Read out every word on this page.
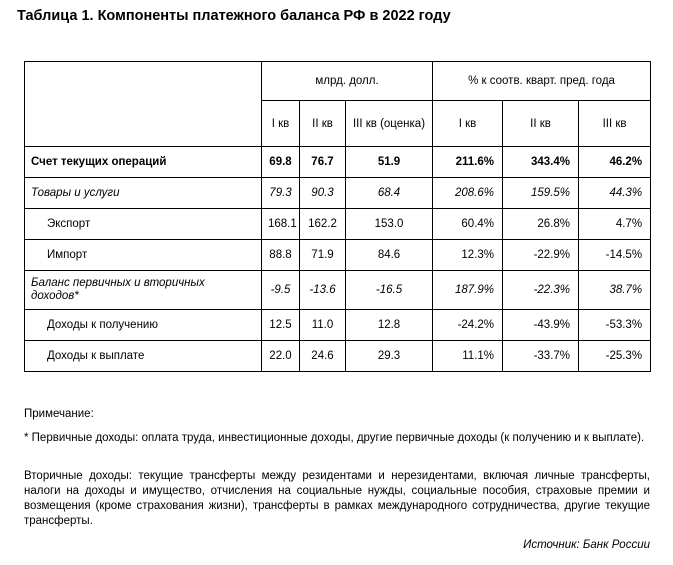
Таблица 1. Компоненты платежного баланса РФ в 2022 году
	млрд. долл.			% к соотв. кварт. пред. года		
	I кв	II кв	III кв (оценка)	I кв	II кв	III кв
Счет текущих операций	69.8	76.7	51.9	211.6%	343.4%	46.2%
Товары и услуги	79.3	90.3	68.4	208.6%	159.5%	44.3%
Экспорт	168.1	162.2	153.0	60.4%	26.8%	4.7%
Импорт	88.8	71.9	84.6	12.3%	-22.9%	-14.5%
Баланс первичных и вторичных доходов*	-9.5	-13.6	-16.5	187.9%	-22.3%	38.7%
Доходы к получению	12.5	11.0	12.8	-24.2%	-43.9%	-53.3%
Доходы к выплате	22.0	24.6	29.3	11.1%	-33.7%	-25.3%
Примечание:
* Первичные доходы: оплата труда, инвестиционные доходы, другие первичные доходы (к получению и к выплате).
Вторичные доходы: текущие трансферты между резидентами и нерезидентами, включая личные трансферты, налоги на доходы и имущество, отчисления на социальные нужды, социальные пособия, страховые премии и возмещения (кроме страхования жизни), трансферты в рамках международного сотрудничества, другие текущие трансферты.
Источник: Банк России
